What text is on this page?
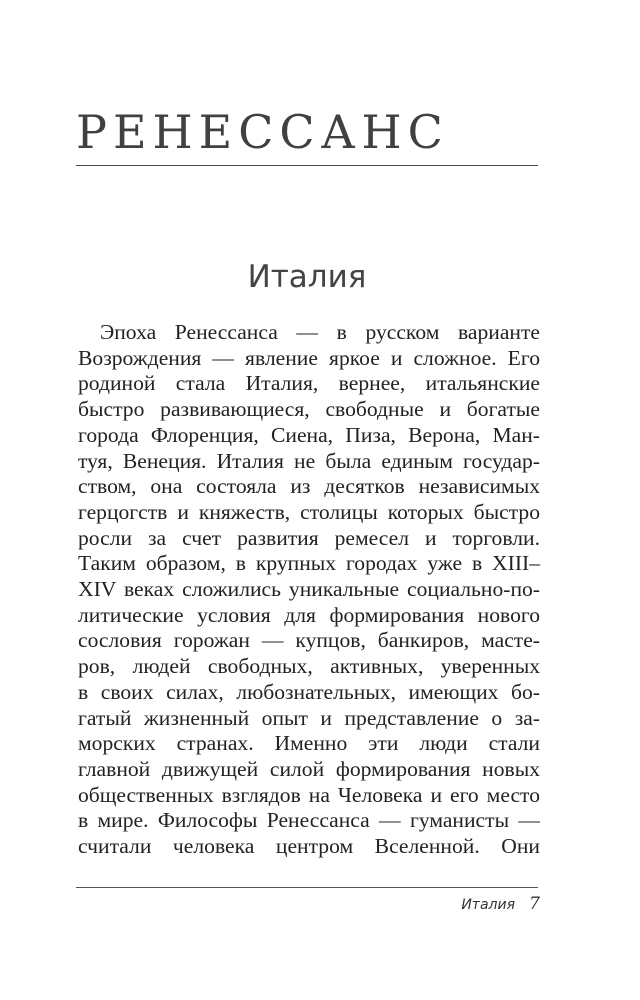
РЕНЕССАНС
Италия
Эпоха Ренессанса — в русском варианте
Возрождения — явление яркое и сложное. Его
родиной стала Италия, вернее, итальянские
быстро развивающиеся, свободные и богатые
города Флоренция, Сиена, Пиза, Верона, Ман-
туя, Венеция. Италия не была единым государ-
ством, она состояла из десятков независимых
герцогств и княжеств, столицы которых быстро
росли за счет развития ремесел и торговли.
Таким образом, в крупных городах уже в XIII–
XIV веках сложились уникальные социально-по-
литические условия для формирования нового
сословия горожан — купцов, банкиров, масте-
ров, людей свободных, активных, уверенных
в своих силах, любознательных, имеющих бо-
гатый жизненный опыт и представление о за-
морских странах. Именно эти люди стали
главной движущей силой формирования новых
общественных взглядов на Человека и его место
в мире. Философы Ренессанса — гуманисты —
считали человека центром Вселенной. Они
Италия 7
